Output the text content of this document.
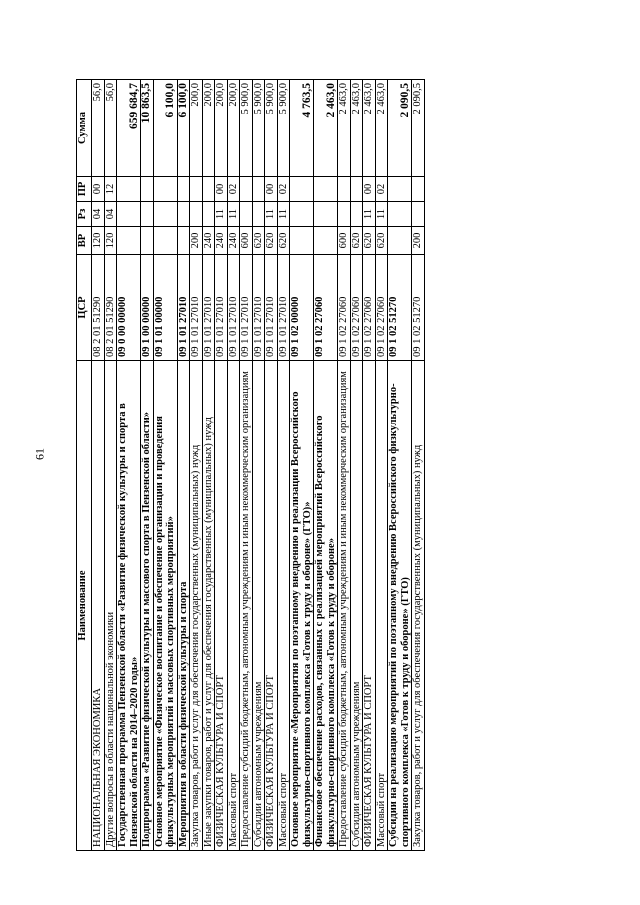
61
Наименование	ЦСР	ВР	Рз	ПР	Сумма
НАЦИОНАЛЬНАЯ ЭКОНОМИКА	08 2 01 51290	120	04	00	56,0
Другие вопросы в области национальной экономики	08 2 01 51290	120	04	12	56,0
Государственная программа Пензенской области «Развитие физической культуры и спорта в Пензенской области на 2014–2020 годы»	09 0 00 00000				659 684,7
Подпрограмма «Развитие физической культуры и массового спорта в Пензенской области»	09 1 00 00000				10 863,5
Основное мероприятие «Физическое воспитание и обеспечение организации и проведения физкультурных мероприятий и массовых спортивных мероприятий»	09 1 01 00000				6 100,0
Мероприятия в области физической культуры и спорта	09 1 01 27010				6 100,0
Закупка товаров, работ и услуг для обеспечения государственных (муниципальных) нужд	09 1 01 27010	200			200,0
Иные закупки товаров, работ и услуг для обеспечения государственных (муниципальных) нужд	09 1 01 27010	240			200,0
ФИЗИЧЕСКАЯ КУЛЬТУРА И СПОРТ	09 1 01 27010	240	11	00	200,0
Массовый спорт	09 1 01 27010	240	11	02	200,0
Предоставление субсидий бюджетным, автономным учреждениям и иным некоммерческим организациям	09 1 01 27010	600			5 900,0
Субсидии автономным учреждениям	09 1 01 27010	620			5 900,0
ФИЗИЧЕСКАЯ КУЛЬТУРА И СПОРТ	09 1 01 27010	620	11	00	5 900,0
Массовый спорт	09 1 01 27010	620	11	02	5 900,0
Основное мероприятие «Мероприятия по поэтапному внедрению и реализации Всероссийского физкультурно-спортивного комплекса «Готов к труду и обороне» (ГТО)»	09 1 02 00000				4 763,5
Финансовое обеспечение расходов, связанных с реализацией мероприятий Всероссийского физкультурно-спортивного комплекса «Готов к труду и обороне»	09 1 02 27060				2 463,0
Предоставление субсидий бюджетным, автономным учреждениям и иным некоммерческим организациям	09 1 02 27060	600			2 463,0
Субсидии автономным учреждениям	09 1 02 27060	620			2 463,0
ФИЗИЧЕСКАЯ КУЛЬТУРА И СПОРТ	09 1 02 27060	620	11	00	2 463,0
Массовый спорт	09 1 02 27060	620	11	02	2 463,0
Субсидии на реализацию мероприятий по поэтапному внедрению Всероссийского физкультурно-спортивного комплекса «Готов к труду и обороне» (ГТО)	09 1 02 51270				2 090,5
Закупка товаров, работ и услуг для обеспечения государственных (муниципальных) нужд	09 1 02 51270	200			2 090,5
